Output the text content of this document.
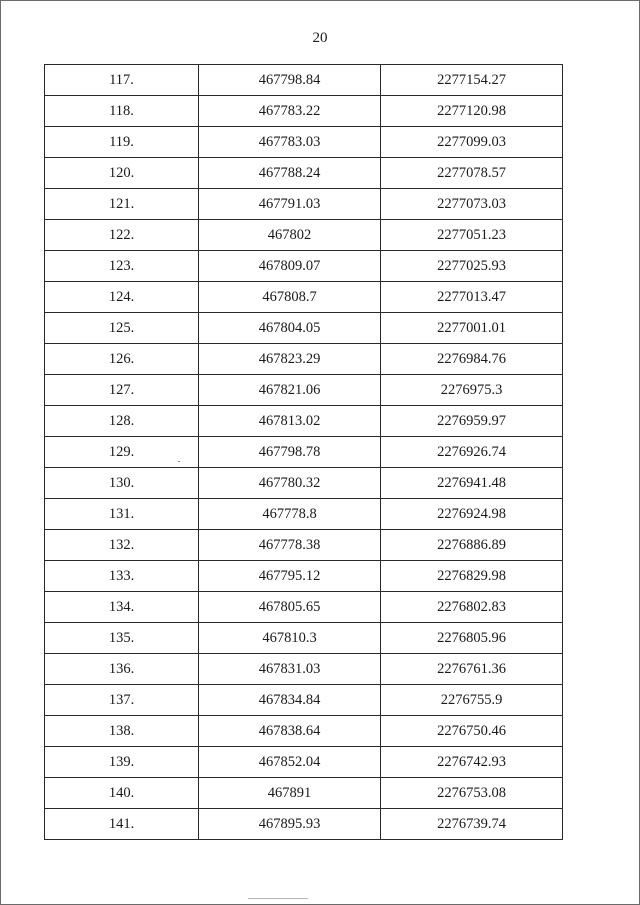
20
117.	467798.84	2277154.27
118.	467783.22	2277120.98
119.	467783.03	2277099.03
120.	467788.24	2277078.57
121.	467791.03	2277073.03
122.	467802	2277051.23
123.	467809.07	2277025.93
124.	467808.7	2277013.47
125.	467804.05	2277001.01
126.	467823.29	2276984.76
127.	467821.06	2276975.3
128.	467813.02	2276959.97
129.	467798.78	2276926.74
130.	467780.32	2276941.48
131.	467778.8	2276924.98
132.	467778.38	2276886.89
133.	467795.12	2276829.98
134.	467805.65	2276802.83
135.	467810.3	2276805.96
136.	467831.03	2276761.36
137.	467834.84	2276755.9
138.	467838.64	2276750.46
139.	467852.04	2276742.93
140.	467891	2276753.08
141.	467895.93	2276739.74
